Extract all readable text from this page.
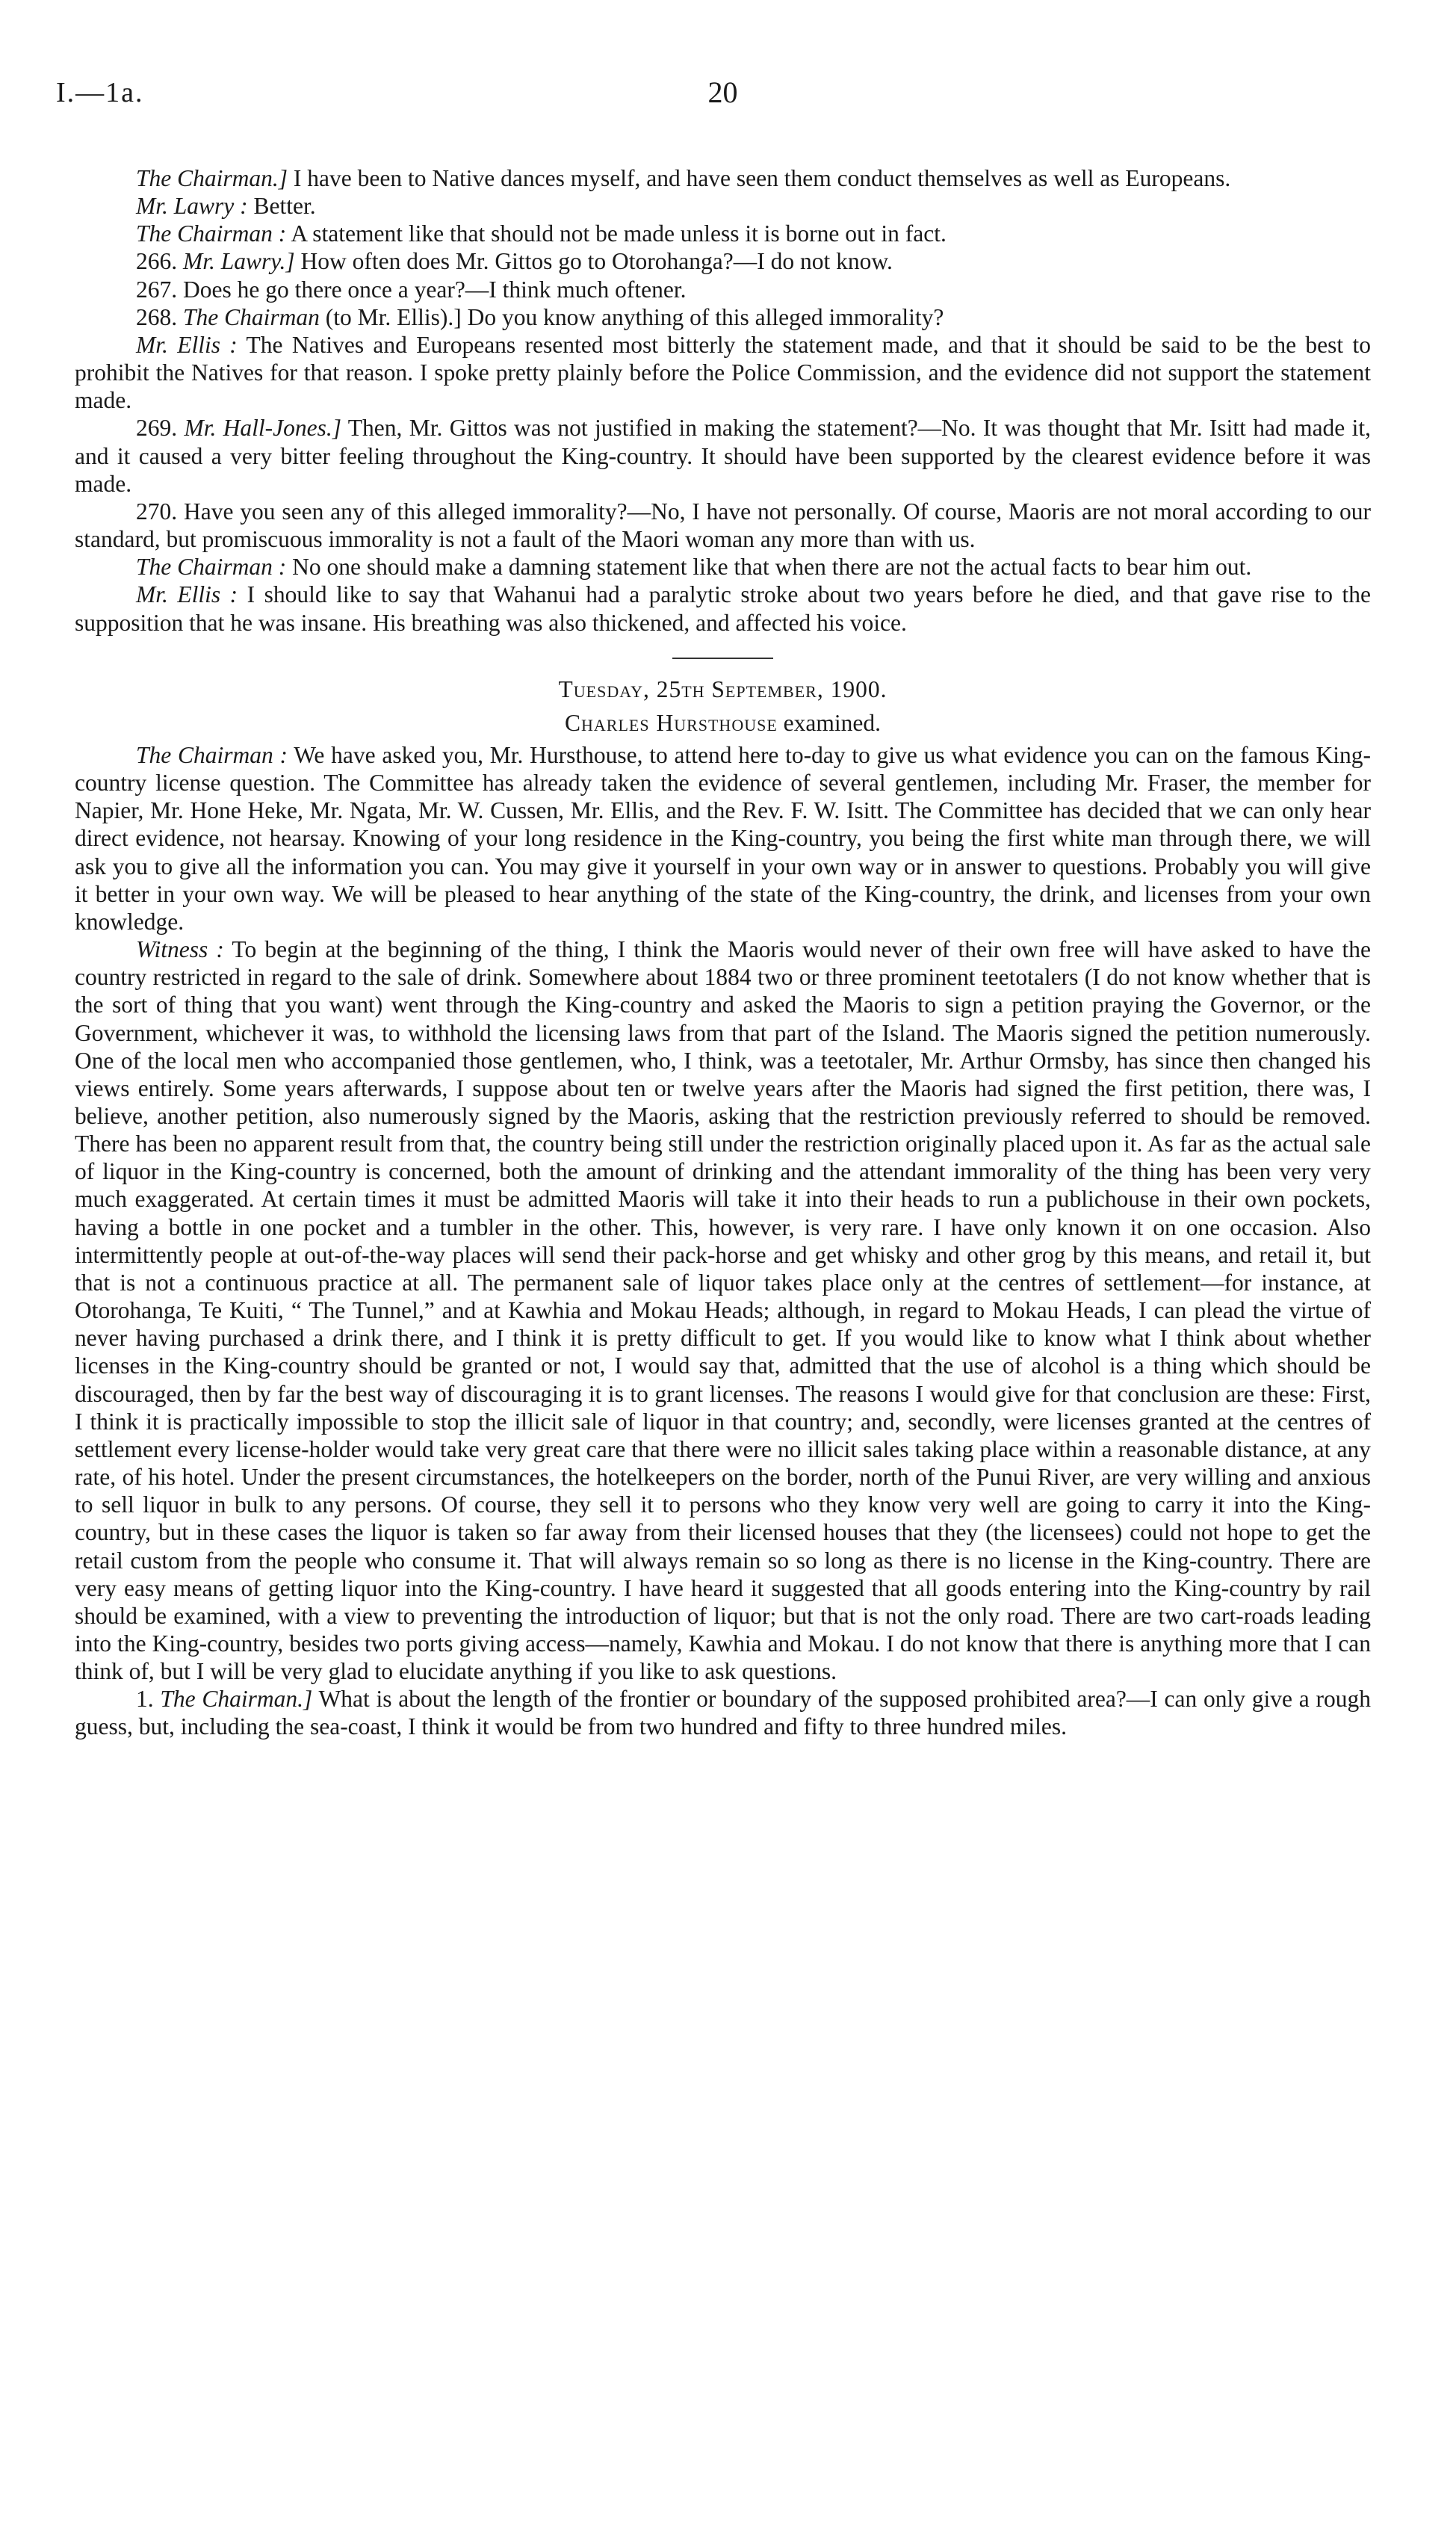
I.—1a.	20

The Chairman.] I have been to Native dances myself, and have seen them conduct themselves as well as Europeans.

Mr. Lawry : Better.

The Chairman : A statement like that should not be made unless it is borne out in fact.

266. Mr. Lawry.] How often does Mr. Gittos go to Otorohanga?—I do not know.

267. Does he go there once a year?—I think much oftener.

268. The Chairman (to Mr. Ellis).] Do you know anything of this alleged immorality?

Mr. Ellis : The Natives and Europeans resented most bitterly the statement made, and that it should be said to be the best to prohibit the Natives for that reason. I spoke pretty plainly before the Police Commission, and the evidence did not support the statement made.

269. Mr. Hall-Jones.] Then, Mr. Gittos was not justified in making the statement?—No. It was thought that Mr. Isitt had made it, and it caused a very bitter feeling throughout the King-country. It should have been supported by the clearest evidence before it was made.

270. Have you seen any of this alleged immorality?—No, I have not personally. Of course, Maoris are not moral according to our standard, but promiscuous immorality is not a fault of the Maori woman any more than with us.

The Chairman : No one should make a damning statement like that when there are not the actual facts to bear him out.

Mr. Ellis : I should like to say that Wahanui had a paralytic stroke about two years before he died, and that gave rise to the supposition that he was insane. His breathing was also thickened, and affected his voice.

Tuesday, 25th September, 1900.

Charles Hursthouse examined.

The Chairman : We have asked you, Mr. Hursthouse, to attend here to-day to give us what evidence you can on the famous King-country license question. The Committee has already taken the evidence of several gentlemen, including Mr. Fraser, the member for Napier, Mr. Hone Heke, Mr. Ngata, Mr. W. Cussen, Mr. Ellis, and the Rev. F. W. Isitt. The Committee has decided that we can only hear direct evidence, not hearsay. Knowing of your long residence in the King-country, you being the first white man through there, we will ask you to give all the information you can. You may give it yourself in your own way or in answer to questions. Probably you will give it better in your own way. We will be pleased to hear anything of the state of the King-country, the drink, and licenses from your own knowledge.

Witness : To begin at the beginning of the thing, I think the Maoris would never of their own free will have asked to have the country restricted in regard to the sale of drink. Somewhere about 1884 two or three prominent teetotalers (I do not know whether that is the sort of thing that you want) went through the King-country and asked the Maoris to sign a petition praying the Governor, or the Government, whichever it was, to withhold the licensing laws from that part of the Island. The Maoris signed the petition numerously. One of the local men who accompanied those gentlemen, who, I think, was a teetotaler, Mr. Arthur Ormsby, has since then changed his views entirely. Some years afterwards, I suppose about ten or twelve years after the Maoris had signed the first petition, there was, I believe, another petition, also numerously signed by the Maoris, asking that the restriction previously referred to should be removed. There has been no apparent result from that, the country being still under the restriction originally placed upon it. As far as the actual sale of liquor in the King-country is concerned, both the amount of drinking and the attendant immorality of the thing has been very very much exaggerated. At certain times it must be admitted Maoris will take it into their heads to run a publichouse in their own pockets, having a bottle in one pocket and a tumbler in the other. This, however, is very rare. I have only known it on one occasion. Also intermittently people at out-of-the-way places will send their pack-horse and get whisky and other grog by this means, and retail it, but that is not a continuous practice at all. The permanent sale of liquor takes place only at the centres of settlement—for instance, at Otorohanga, Te Kuiti, “ The Tunnel,” and at Kawhia and Mokau Heads; although, in regard to Mokau Heads, I can plead the virtue of never having purchased a drink there, and I think it is pretty difficult to get. If you would like to know what I think about whether licenses in the King-country should be granted or not, I would say that, admitted that the use of alcohol is a thing which should be discouraged, then by far the best way of discouraging it is to grant licenses. The reasons I would give for that conclusion are these: First, I think it is practically impossible to stop the illicit sale of liquor in that country; and, secondly, were licenses granted at the centres of settlement every license-holder would take very great care that there were no illicit sales taking place within a reasonable distance, at any rate, of his hotel. Under the present circumstances, the hotelkeepers on the border, north of the Punui River, are very willing and anxious to sell liquor in bulk to any persons. Of course, they sell it to persons who they know very well are going to carry it into the King-country, but in these cases the liquor is taken so far away from their licensed houses that they (the licensees) could not hope to get the retail custom from the people who consume it. That will always remain so so long as there is no license in the King-country. There are very easy means of getting liquor into the King-country. I have heard it suggested that all goods entering into the King-country by rail should be examined, with a view to preventing the introduction of liquor; but that is not the only road. There are two cart-roads leading into the King-country, besides two ports giving access—namely, Kawhia and Mokau. I do not know that there is anything more that I can think of, but I will be very glad to elucidate anything if you like to ask questions.

1. The Chairman.] What is about the length of the frontier or boundary of the supposed prohibited area?—I can only give a rough guess, but, including the sea-coast, I think it would be from two hundred and fifty to three hundred miles.
